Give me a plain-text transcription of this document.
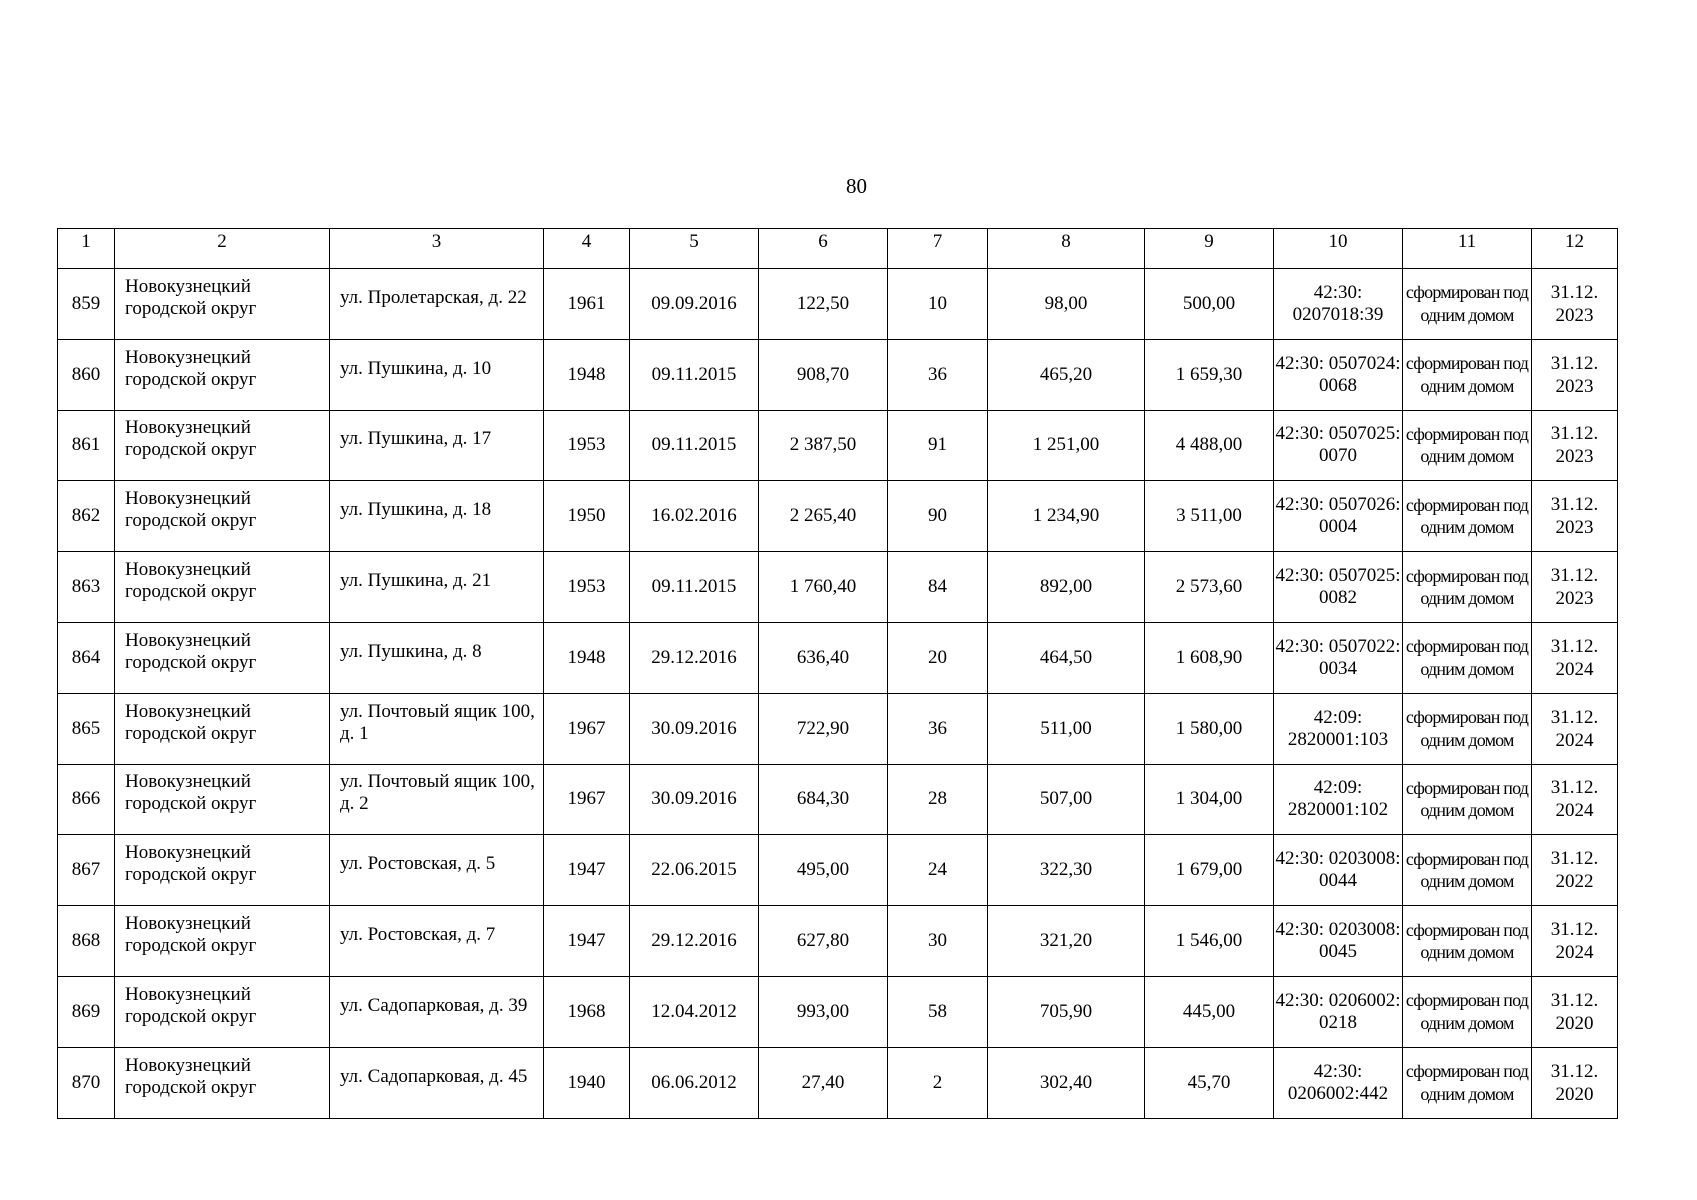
80
1	2	3	4	5	6	7	8	9	10	11	12
859	Новокузнецкий городской округ	ул. Пролетарская, д. 22	1961	09.09.2016	122,50	10	98,00	500,00	42:30: 0207018:39	сформирован под одним домом	31.12. 2023
860	Новокузнецкий городской округ	ул. Пушкина, д. 10	1948	09.11.2015	908,70	36	465,20	1 659,30	42:30: 0507024: 0068	сформирован под одним домом	31.12. 2023
861	Новокузнецкий городской округ	ул. Пушкина, д. 17	1953	09.11.2015	2 387,50	91	1 251,00	4 488,00	42:30: 0507025: 0070	сформирован под одним домом	31.12. 2023
862	Новокузнецкий городской округ	ул. Пушкина, д. 18	1950	16.02.2016	2 265,40	90	1 234,90	3 511,00	42:30: 0507026: 0004	сформирован под одним домом	31.12. 2023
863	Новокузнецкий городской округ	ул. Пушкина, д. 21	1953	09.11.2015	1 760,40	84	892,00	2 573,60	42:30: 0507025: 0082	сформирован под одним домом	31.12. 2023
864	Новокузнецкий городской округ	ул. Пушкина, д. 8	1948	29.12.2016	636,40	20	464,50	1 608,90	42:30: 0507022: 0034	сформирован под одним домом	31.12. 2024
865	Новокузнецкий городской округ	ул. Почтовый ящик 100, д. 1	1967	30.09.2016	722,90	36	511,00	1 580,00	42:09: 2820001:103	сформирован под одним домом	31.12. 2024
866	Новокузнецкий городской округ	ул. Почтовый ящик 100, д. 2	1967	30.09.2016	684,30	28	507,00	1 304,00	42:09: 2820001:102	сформирован под одним домом	31.12. 2024
867	Новокузнецкий городской округ	ул. Ростовская, д. 5	1947	22.06.2015	495,00	24	322,30	1 679,00	42:30: 0203008: 0044	сформирован под одним домом	31.12. 2022
868	Новокузнецкий городской округ	ул. Ростовская, д. 7	1947	29.12.2016	627,80	30	321,20	1 546,00	42:30: 0203008: 0045	сформирован под одним домом	31.12. 2024
869	Новокузнецкий городской округ	ул. Садопарковая, д. 39	1968	12.04.2012	993,00	58	705,90	445,00	42:30: 0206002: 0218	сформирован под одним домом	31.12. 2020
870	Новокузнецкий городской округ	ул. Садопарковая, д. 45	1940	06.06.2012	27,40	2	302,40	45,70	42:30: 0206002:442	сформирован под одним домом	31.12. 2020
